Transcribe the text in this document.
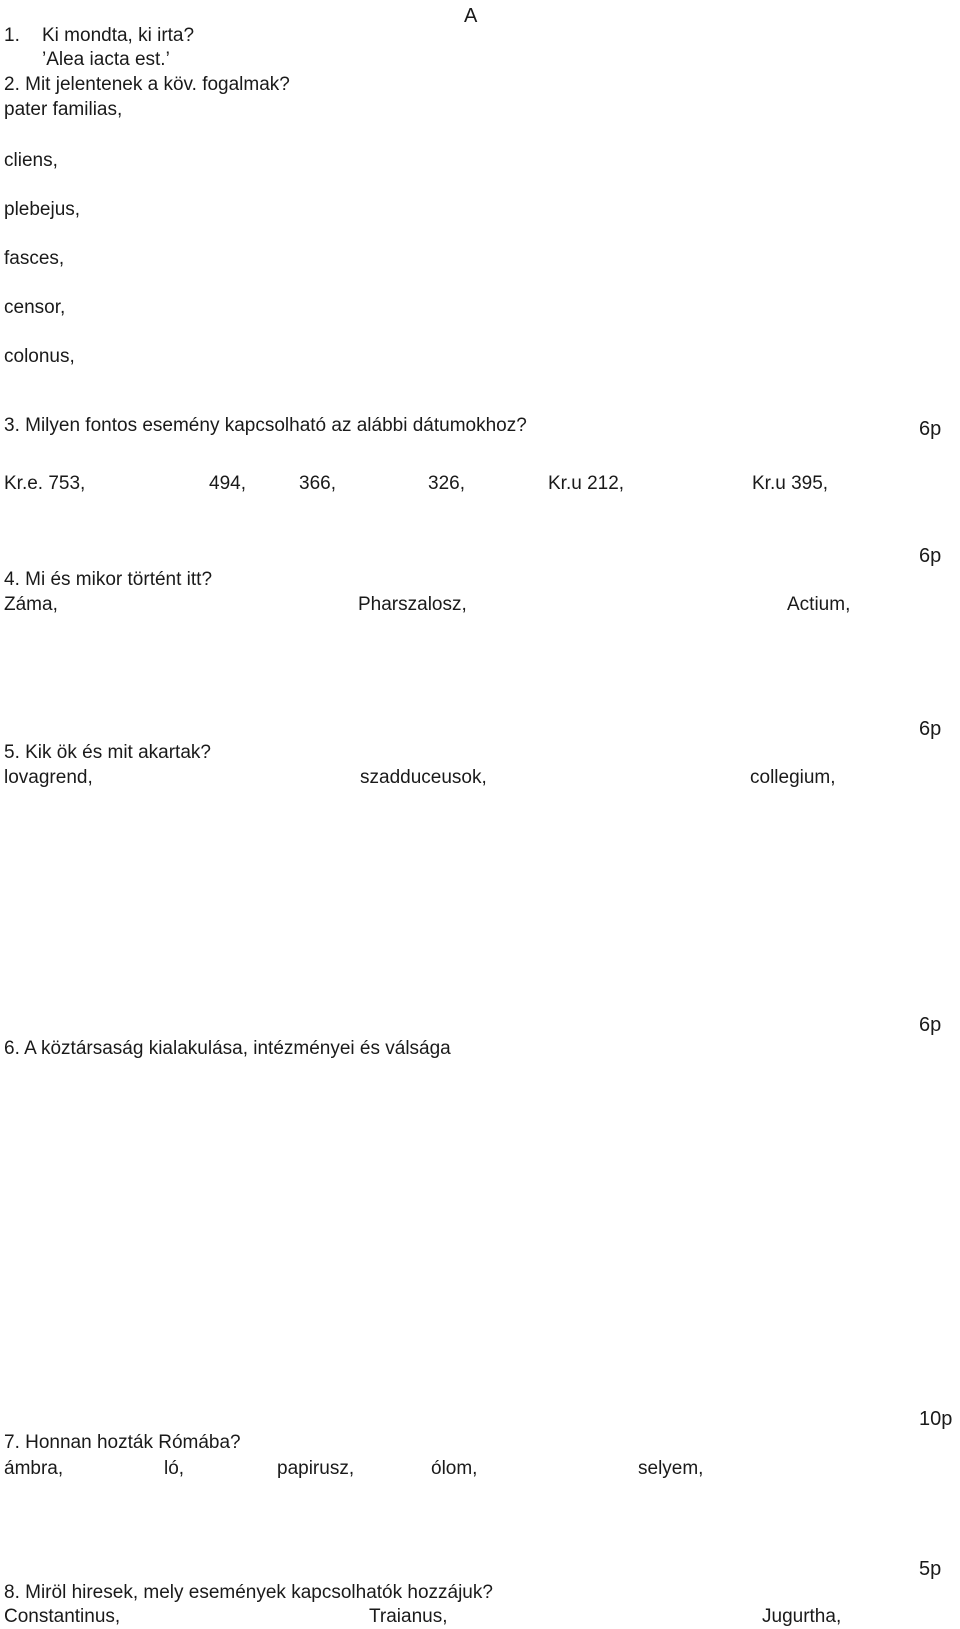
A
1. Ki mondta, ki irta?
’Alea iacta est.’
2. Mit jelentenek a köv. fogalmak?
pater familias,
cliens,
plebejus,
fasces,
censor,
colonus,
6p
3. Milyen fontos esemény kapcsolható az alábbi dátumokhoz?
Kr.e. 753,	494,	366,	326,	Kr.u 212,	Kr.u 395,
6p
4. Mi és mikor történt itt?
Záma,	Pharszalosz,	Actium,
6p
5. Kik ök és mit akartak?
lovagrend,	szadduceusok,	collegium,
6p
6. A köztársaság kialakulása, intézményei és válsága
10p
7. Honnan hozták Rómába?
ámbra,	ló,	papirusz,	ólom,	selyem,
5p
8. Miröl hiresek, mely események kapcsolhatók hozzájuk?
Constantinus,	Traianus,	Jugurtha,
